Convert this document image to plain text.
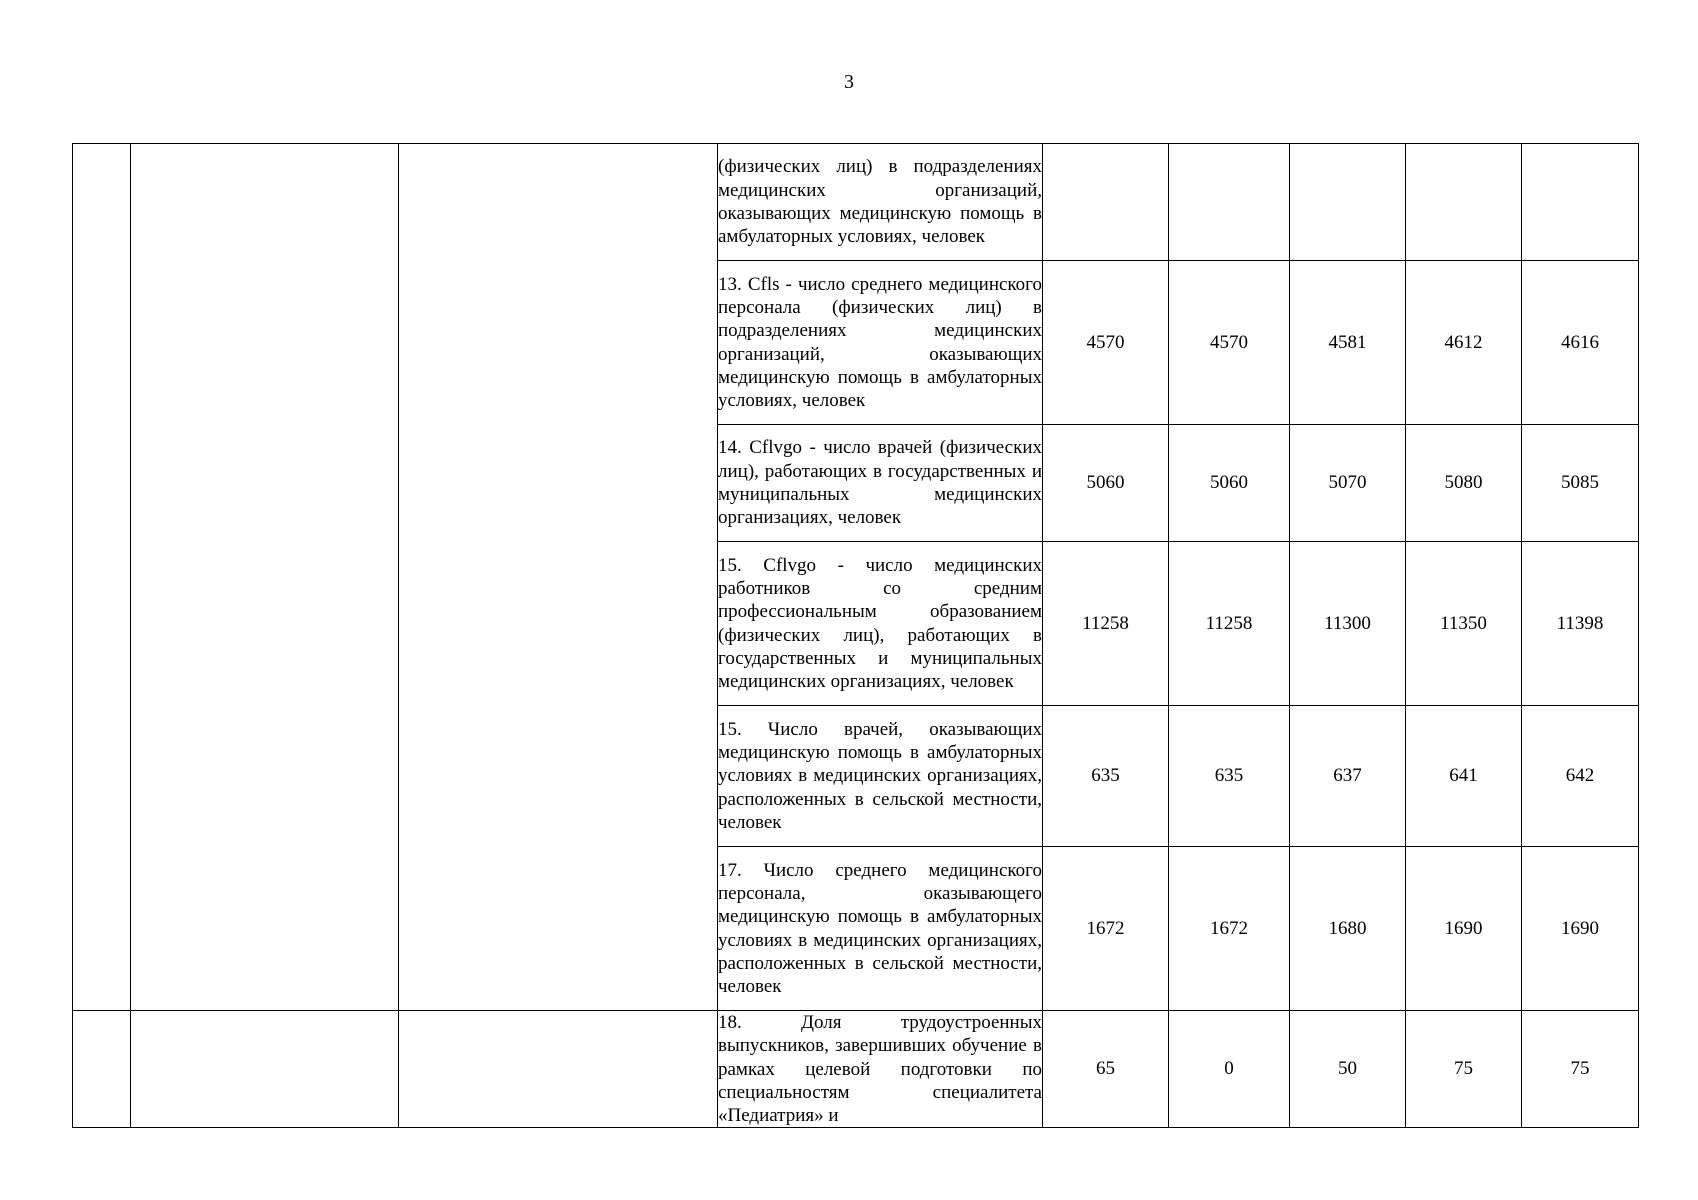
3
			(физических лиц) в подразделениях медицинских организаций, оказывающих медицинскую помощь в амбулаторных условиях, человек					
			13. Cfls - число среднего медицинского персонала (физических лиц) в подразделениях медицинских организаций, оказывающих медицинскую помощь в амбулаторных условиях, человек	4570	4570	4581	4612	4616
			14. Cflvgo - число врачей (физических лиц), работающих в государственных и муниципальных медицинских организациях, человек	5060	5060	5070	5080	5085
			15. Cflvgo - число медицинских работников со средним профессиональным образованием (физических лиц), работающих в государственных и муниципальных медицинских организациях, человек	11258	11258	11300	11350	11398
			15. Число врачей, оказывающих медицинскую помощь в амбулаторных условиях в медицинских организациях, расположенных в сельской местности, человек	635	635	637	641	642
			17. Число среднего медицинского персонала, оказывающего медицинскую помощь в амбулаторных условиях в медицинских организациях, расположенных в сельской местности, человек	1672	1672	1680	1690	1690
			18. Доля трудоустроенных выпускников, завершивших обучение в рамках целевой подготовки по специальностям специалитета «Педиатрия» и	65	0	50	75	75
